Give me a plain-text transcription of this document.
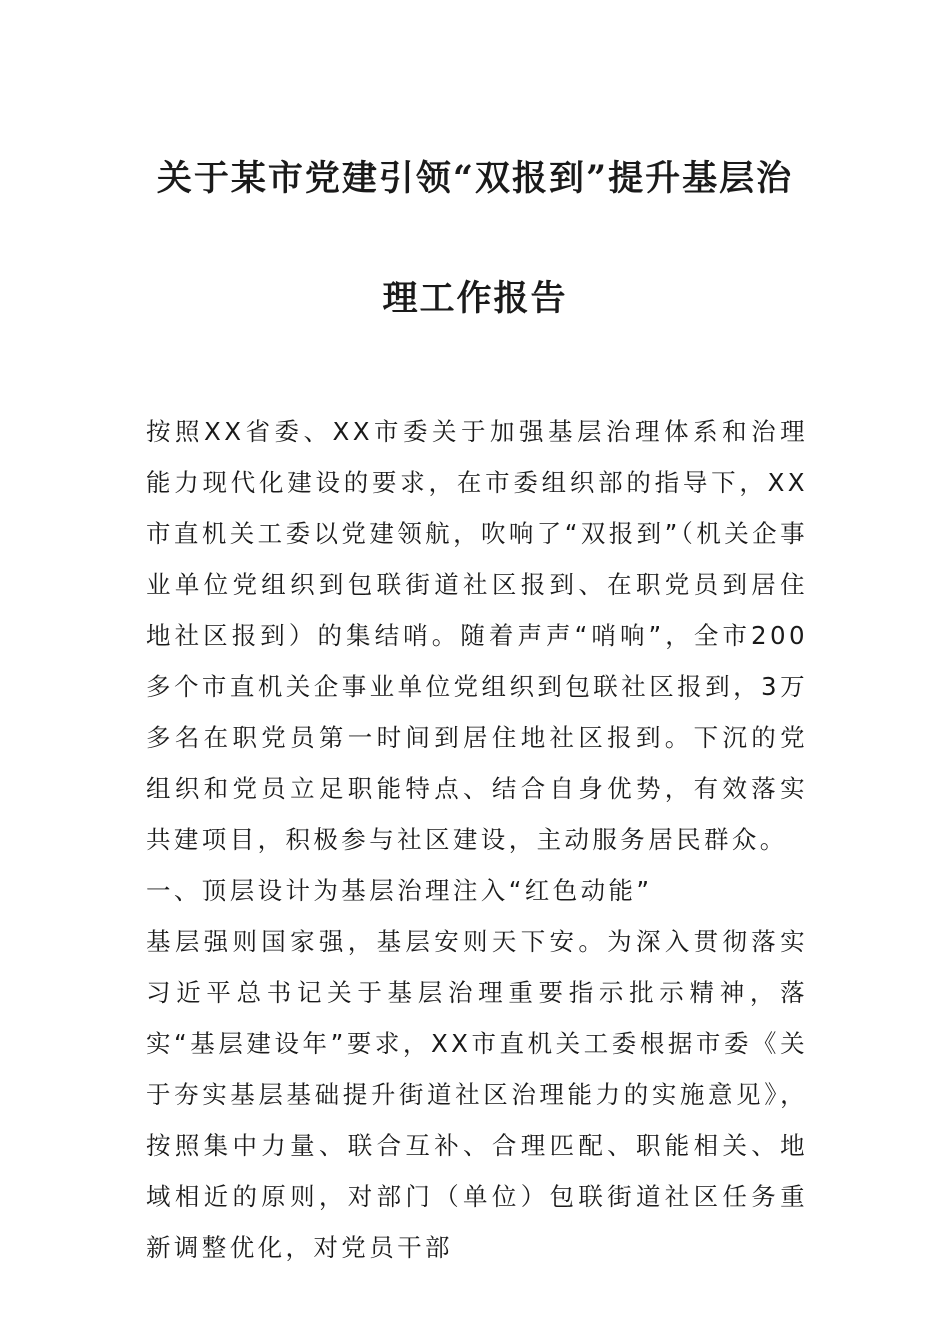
关于某市党建引领“双报到”提升基层治
理工作报告

按照XX省委、XX市委关于加强基层治理体系和治理能力现代化建设的要求，在市委组织部的指导下，XX市直机关工委以党建领航，吹响了“双报到”（机关企事业单位党组织到包联街道社区报到、在职党员到居住地社区报到）的集结哨。随着声声“哨响”，全市200多个市直机关企事业单位党组织到包联社区报到，3万多名在职党员第一时间到居住地社区报到。下沉的党组织和党员立足职能特点、结合自身优势，有效落实共建项目，积极参与社区建设，主动服务居民群众。

一、顶层设计为基层治理注入“红色动能”

基层强则国家强，基层安则天下安。为深入贯彻落实习近平总书记关于基层治理重要指示批示精神，落实“基层建设年”要求，XX市直机关工委根据市委《关于夯实基层基础提升街道社区治理能力的实施意见》，按照集中力量、联合互补、合理匹配、职能相关、地域相近的原则，对部门（单位）包联街道社区任务重新调整优化，对党员干部
